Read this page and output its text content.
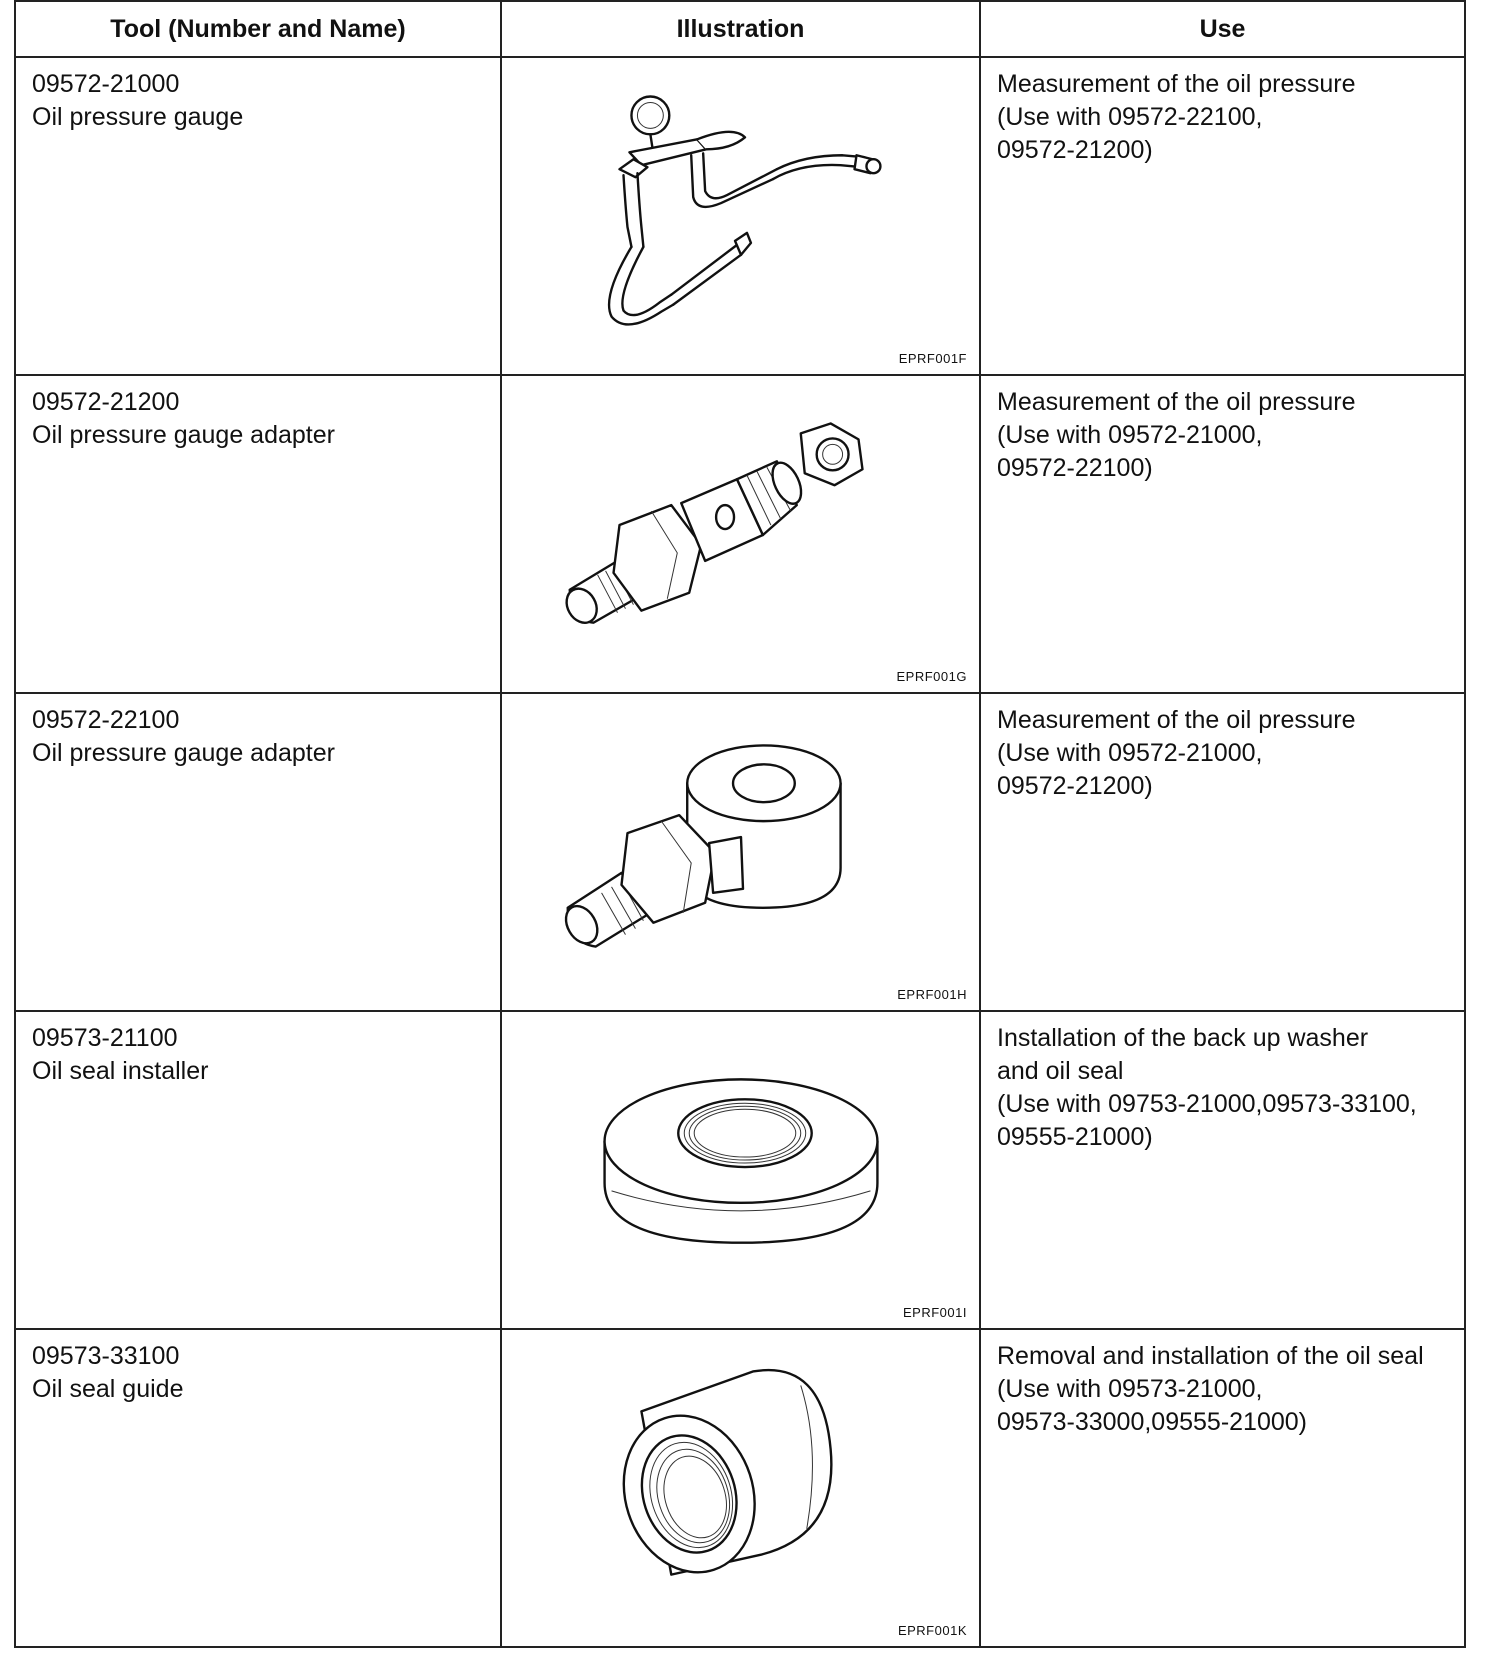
Tool (Number and Name)	Illustration	Use

09572-21000
Oil pressure gauge	EPRF001F	Measurement of the oil pressure
(Use with 09572-22100,
09572-21200)

09572-21200
Oil pressure gauge adapter	EPRF001G	Measurement of the oil pressure
(Use with 09572-21000,
09572-22100)

09572-22100
Oil pressure gauge adapter	EPRF001H	Measurement of the oil pressure
(Use with 09572-21000,
09572-21200)

09573-21100
Oil seal installer	EPRF001I	Installation of the back up washer
and oil seal
(Use with 09753-21000,09573-33100,
09555-21000)

09573-33100
Oil seal guide	EPRF001K	Removal and installation of the oil seal
(Use with 09573-21000,
09573-33000,09555-21000)
